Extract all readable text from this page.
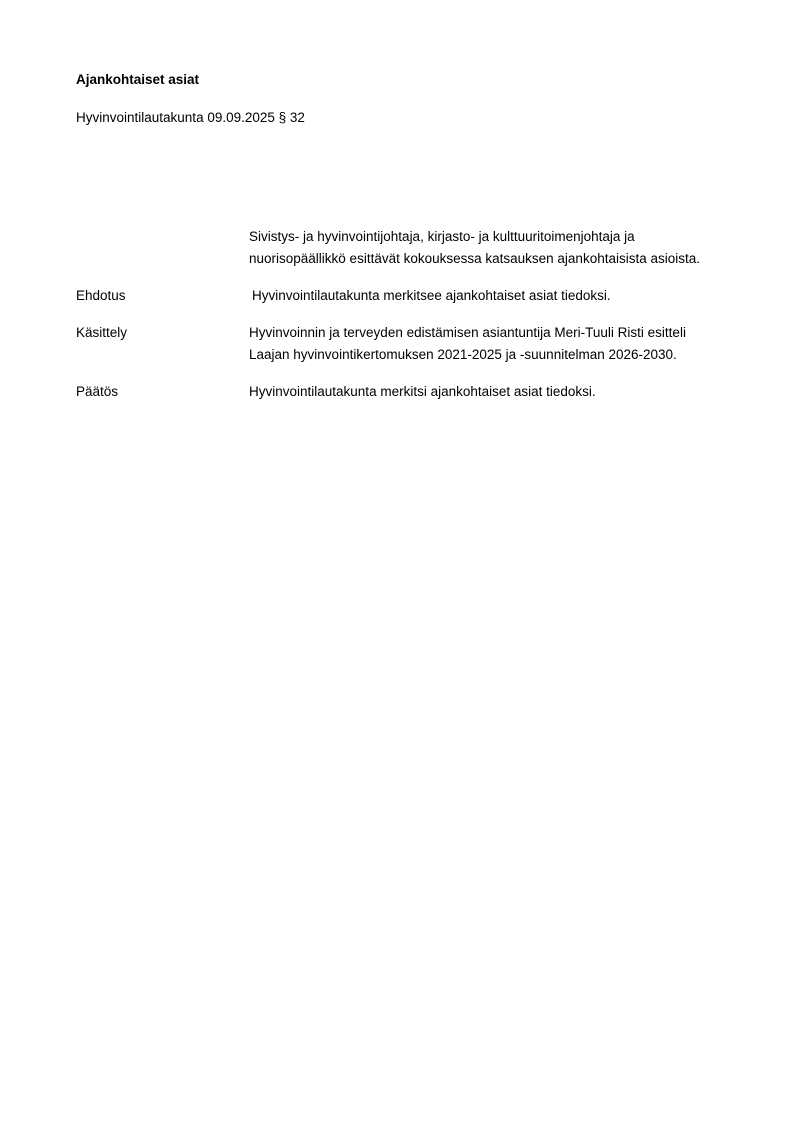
Ajankohtaiset asiat
Hyvinvointilautakunta 09.09.2025 § 32
Sivistys- ja hyvinvointijohtaja, kirjasto- ja kulttuuritoimenjohtaja ja
nuorisopäällikkö esittävät kokouksessa katsauksen ajankohtaisista asioista.
Ehdotus	Hyvinvointilautakunta merkitsee ajankohtaiset asiat tiedoksi.
Käsittely	Hyvinvoinnin ja terveyden edistämisen asiantuntija Meri-Tuuli Risti esitteli
Laajan hyvinvointikertomuksen 2021-2025 ja -suunnitelman 2026-2030.
Päätös	Hyvinvointilautakunta merkitsi ajankohtaiset asiat tiedoksi.
